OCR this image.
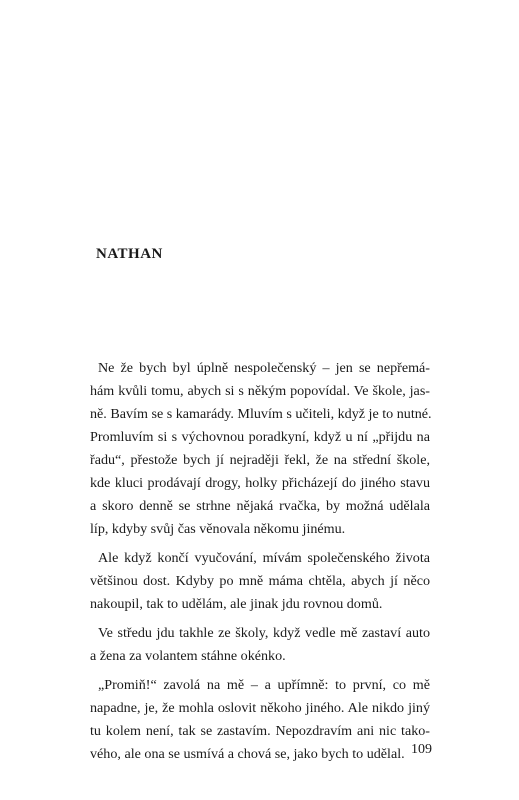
NATHAN

Ne že bych byl úplně nespolečenský – jen se nepřemá-
hám kvůli tomu, abych si s někým popovídal. Ve škole, jas-
ně. Bavím se s kamarády. Mluvím s učiteli, když je to nutné.
Promluvím si s výchovnou poradkyní, když u ní „přijdu na
řadu“, přestože bych jí nejraději řekl, že na střední škole,
kde kluci prodávají drogy, holky přicházejí do jiného stavu
a skoro denně se strhne nějaká rvačka, by možná udělala
líp, kdyby svůj čas věnovala někomu jinému.

Ale když končí vyučování, mívám společenského života
většinou dost. Kdyby po mně máma chtěla, abych jí něco
nakoupil, tak to udělám, ale jinak jdu rovnou domů.

Ve středu jdu takhle ze školy, když vedle mě zastaví auto
a žena za volantem stáhne okénko.

„Promiň!“ zavolá na mě – a upřímně: to první, co mě
napadne, je, že mohla oslovit někoho jiného. Ale nikdo jiný
tu kolem není, tak se zastavím. Nepozdravím ani nic tako-
vého, ale ona se usmívá a chová se, jako bych to udělal. 109
